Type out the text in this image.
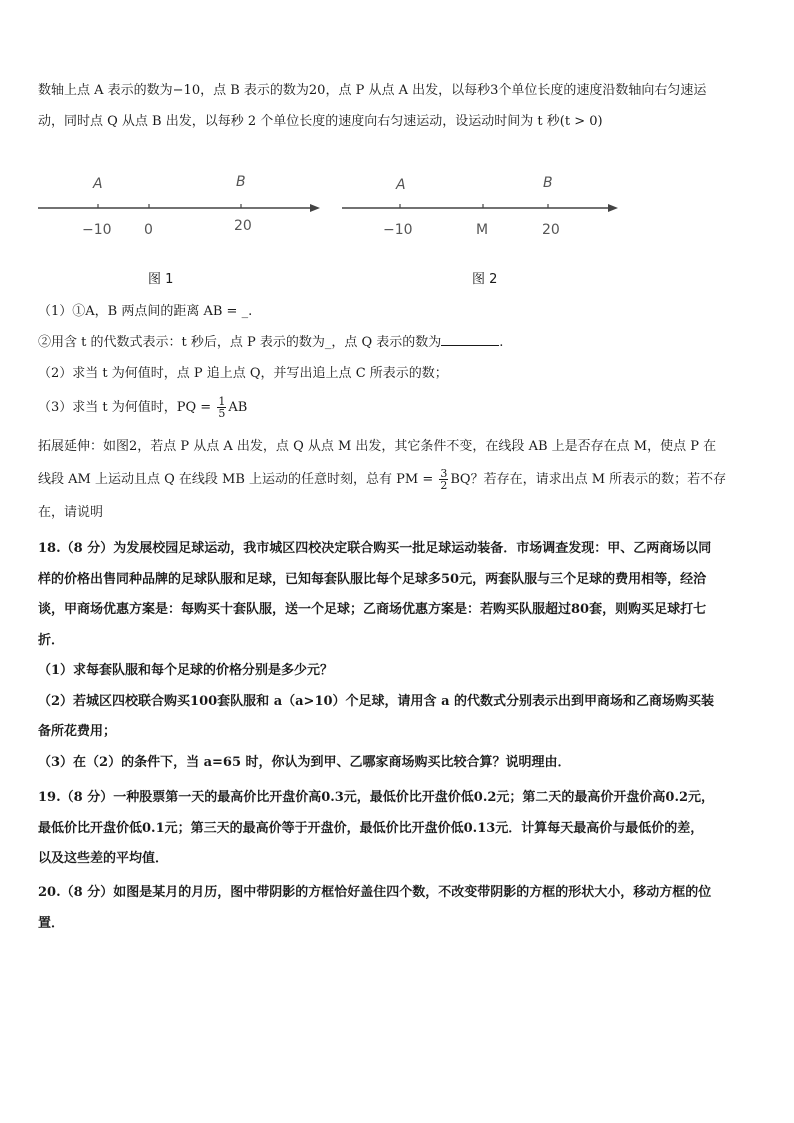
数轴上点 A 表示的数为−10，点 B 表示的数为20，点 P 从点 A 出发，以每秒3个单位长度的速度沿数轴向右匀速运
动，同时点 Q 从点 B 出发，以每秒 2 个单位长度的速度向右匀速运动，设运动时间为 t 秒(t > 0)
A	B
−10 0	20
A	B
−10	M	20
图 1	图 2
（1）①A，B 两点间的距离 AB = _.
②用含 t 的代数式表示：t 秒后，点 P 表示的数为_，点 Q 表示的数为	.
（2）求当 t 为何值时，点 P 追上点 Q，并写出追上点 C 所表示的数；
（3）求当 t 为何值时，PQ = $\frac{1}{5}$ AB
拓展延伸：如图2，若点 P 从点 A 出发，点 Q 从点 M 出发，其它条件不变，在线段 AB 上是否存在点 M，使点 P 在
线段 AM 上运动且点 Q 在线段 MB 上运动的任意时刻，总有 PM = $\frac{3}{2}$ BQ？若存在，请求出点 M 所表示的数；若不存
在，请说明
18.（8 分）为发展校园足球运动，我市城区四校决定联合购买一批足球运动装备．市场调查发现：甲、乙两商场以同
样的价格出售同种品牌的足球队服和足球，已知每套队服比每个足球多50元，两套队服与三个足球的费用相等，经洽
谈，甲商场优惠方案是：每购买十套队服，送一个足球；乙商场优惠方案是：若购买队服超过80套，则购买足球打七
折．
（1）求每套队服和每个足球的价格分别是多少元？
（2）若城区四校联合购买100套队服和 a（a>10）个足球，请用含 a 的代数式分别表示出到甲商场和乙商场购买装
备所花费用；
（3）在（2）的条件下，当 a=65 时，你认为到甲、乙哪家商场购买比较合算？说明理由．
19.（8 分）一种股票第一天的最高价比开盘价高0.3元，最低价比开盘价低0.2元；第二天的最高价开盘价高0.2元，
最低价比开盘价低0.1元；第三天的最高价等于开盘价，最低价比开盘价低0.13元．计算每天最高价与最低价的差，
以及这些差的平均值．
20.（8 分）如图是某月的月历，图中带阴影的方框恰好盖住四个数，不改变带阴影的方框的形状大小，移动方框的位
置．
